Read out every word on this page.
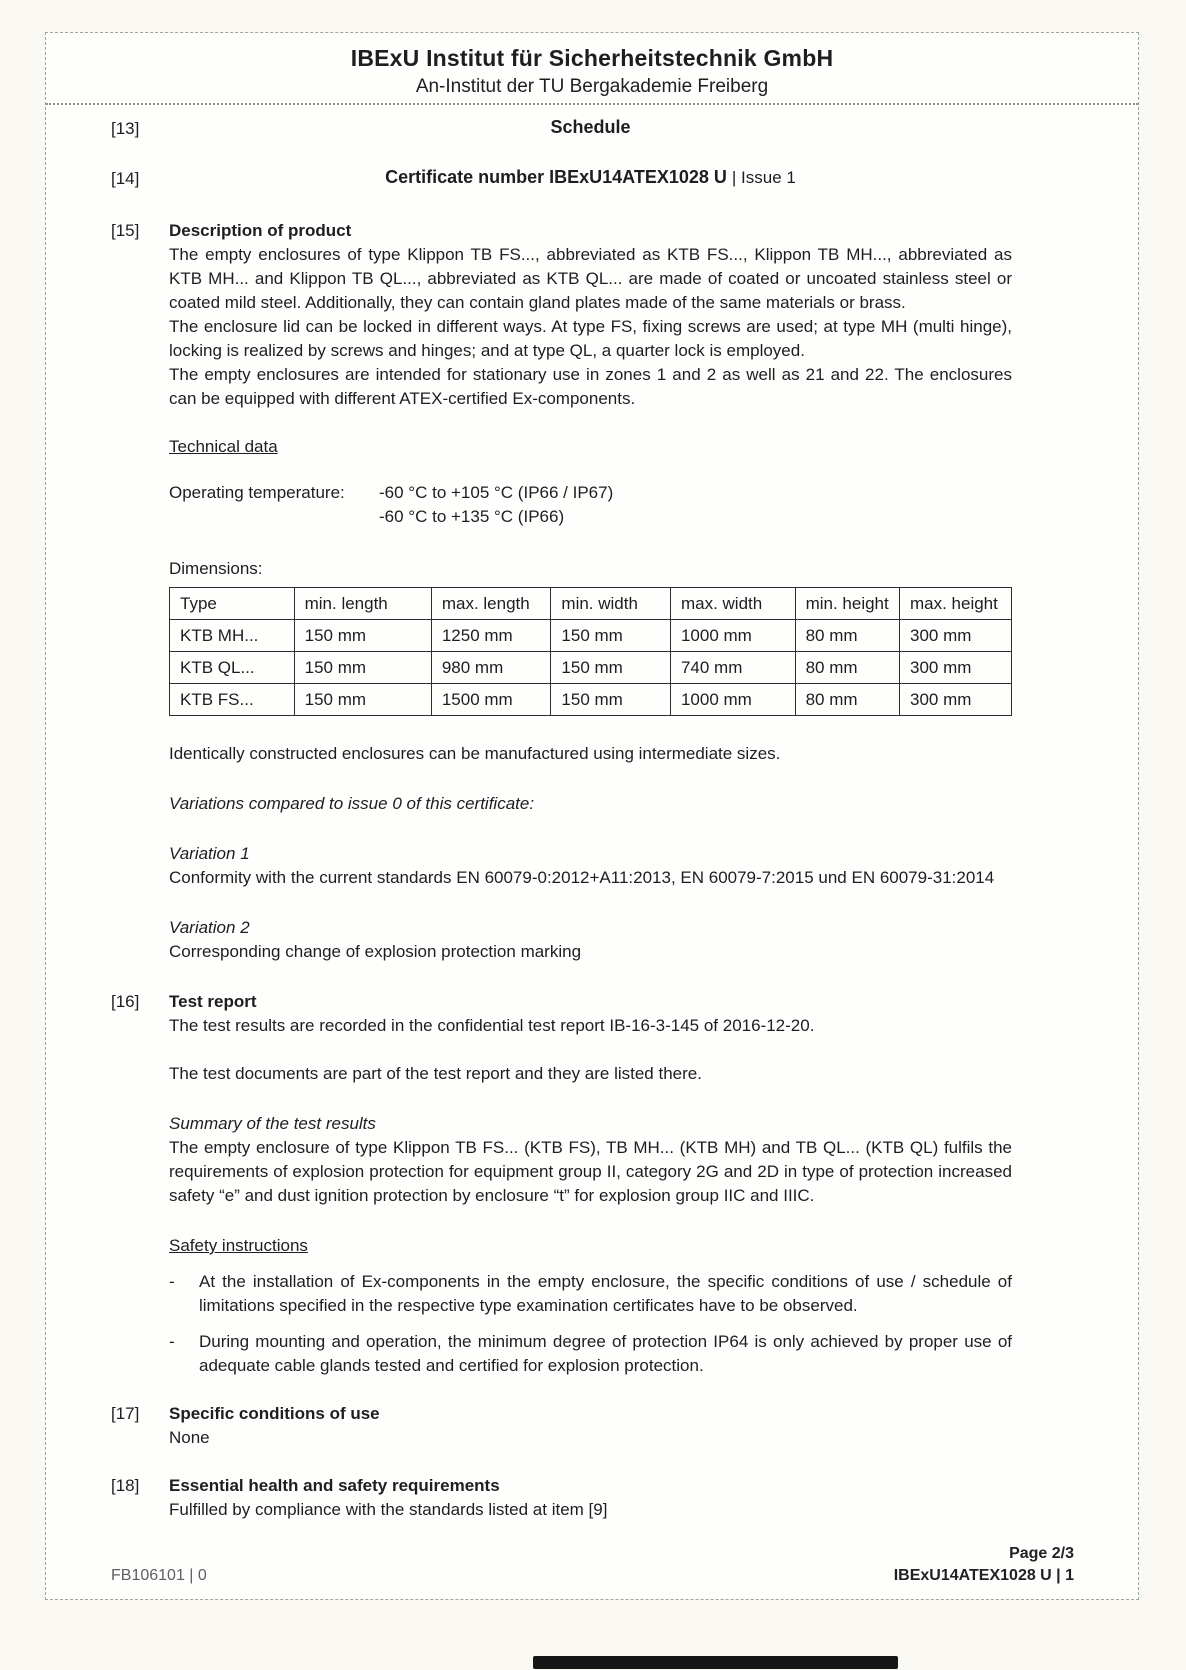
IBExU Institut für Sicherheitstechnik GmbH
An-Institut der TU Bergakademie Freiberg
[13]	Schedule
[14]	Certificate number IBExU14ATEX1028 U | Issue 1
[15]	Description of product

The empty enclosures of type Klippon TB FS..., abbreviated as KTB FS..., Klippon TB MH..., abbreviated as KTB MH... and Klippon TB QL..., abbreviated as KTB QL... are made of coated or uncoated stainless steel or coated mild steel. Additionally, they can contain gland plates made of the same materials or brass.

The enclosure lid can be locked in different ways. At type FS, fixing screws are used; at type MH (multi hinge), locking is realized by screws and hinges; and at type QL, a quarter lock is employed.

The empty enclosures are intended for stationary use in zones 1 and 2 as well as 21 and 22. The enclosures can be equipped with different ATEX-certified Ex-components.

Technical data
Operating temperature:	-60 °C to +105 °C (IP66 / IP67)
-60 °C to +135 °C (IP66)
Dimensions:
Type	min. length	max. length	min. width	max. width	min. height	max. height
KTB MH...	150 mm	1250 mm	150 mm	1000 mm	80 mm	300 mm
KTB QL...	150 mm	980 mm	150 mm	740 mm	80 mm	300 mm
KTB FS...	150 mm	1500 mm	150 mm	1000 mm	80 mm	300 mm

Identically constructed enclosures can be manufactured using intermediate sizes.

Variations compared to issue 0 of this certificate:

Variation 1

Conformity with the current standards EN 60079-0:2012+A11:2013, EN 60079-7:2015 und EN 60079-31:2014

Variation 2

Corresponding change of explosion protection marking

[16]	Test report

The test results are recorded in the confidential test report IB-16-3-145 of 2016-12-20.

The test documents are part of the test report and they are listed there.

Summary of the test results

The empty enclosure of type Klippon TB FS... (KTB FS), TB MH... (KTB MH) and TB QL... (KTB QL) fulfils the requirements of explosion protection for equipment group II, category 2G and 2D in type of protection increased safety “e” and dust ignition protection by enclosure “t” for explosion group IIC and IIIC.

Safety instructions
-	At the installation of Ex-components in the empty enclosure, the specific conditions of use / schedule of limitations specified in the respective type examination certificates have to be observed.
-	During mounting and operation, the minimum degree of protection IP64 is only achieved by proper use of adequate cable glands tested and certified for explosion protection.
[17]	Specific conditions of use

None

[18]	Essential health and safety requirements

Fulfilled by compliance with the standards listed at item [9]

FB106101 | 0
Page 2/3
IBExU14ATEX1028 U | 1
